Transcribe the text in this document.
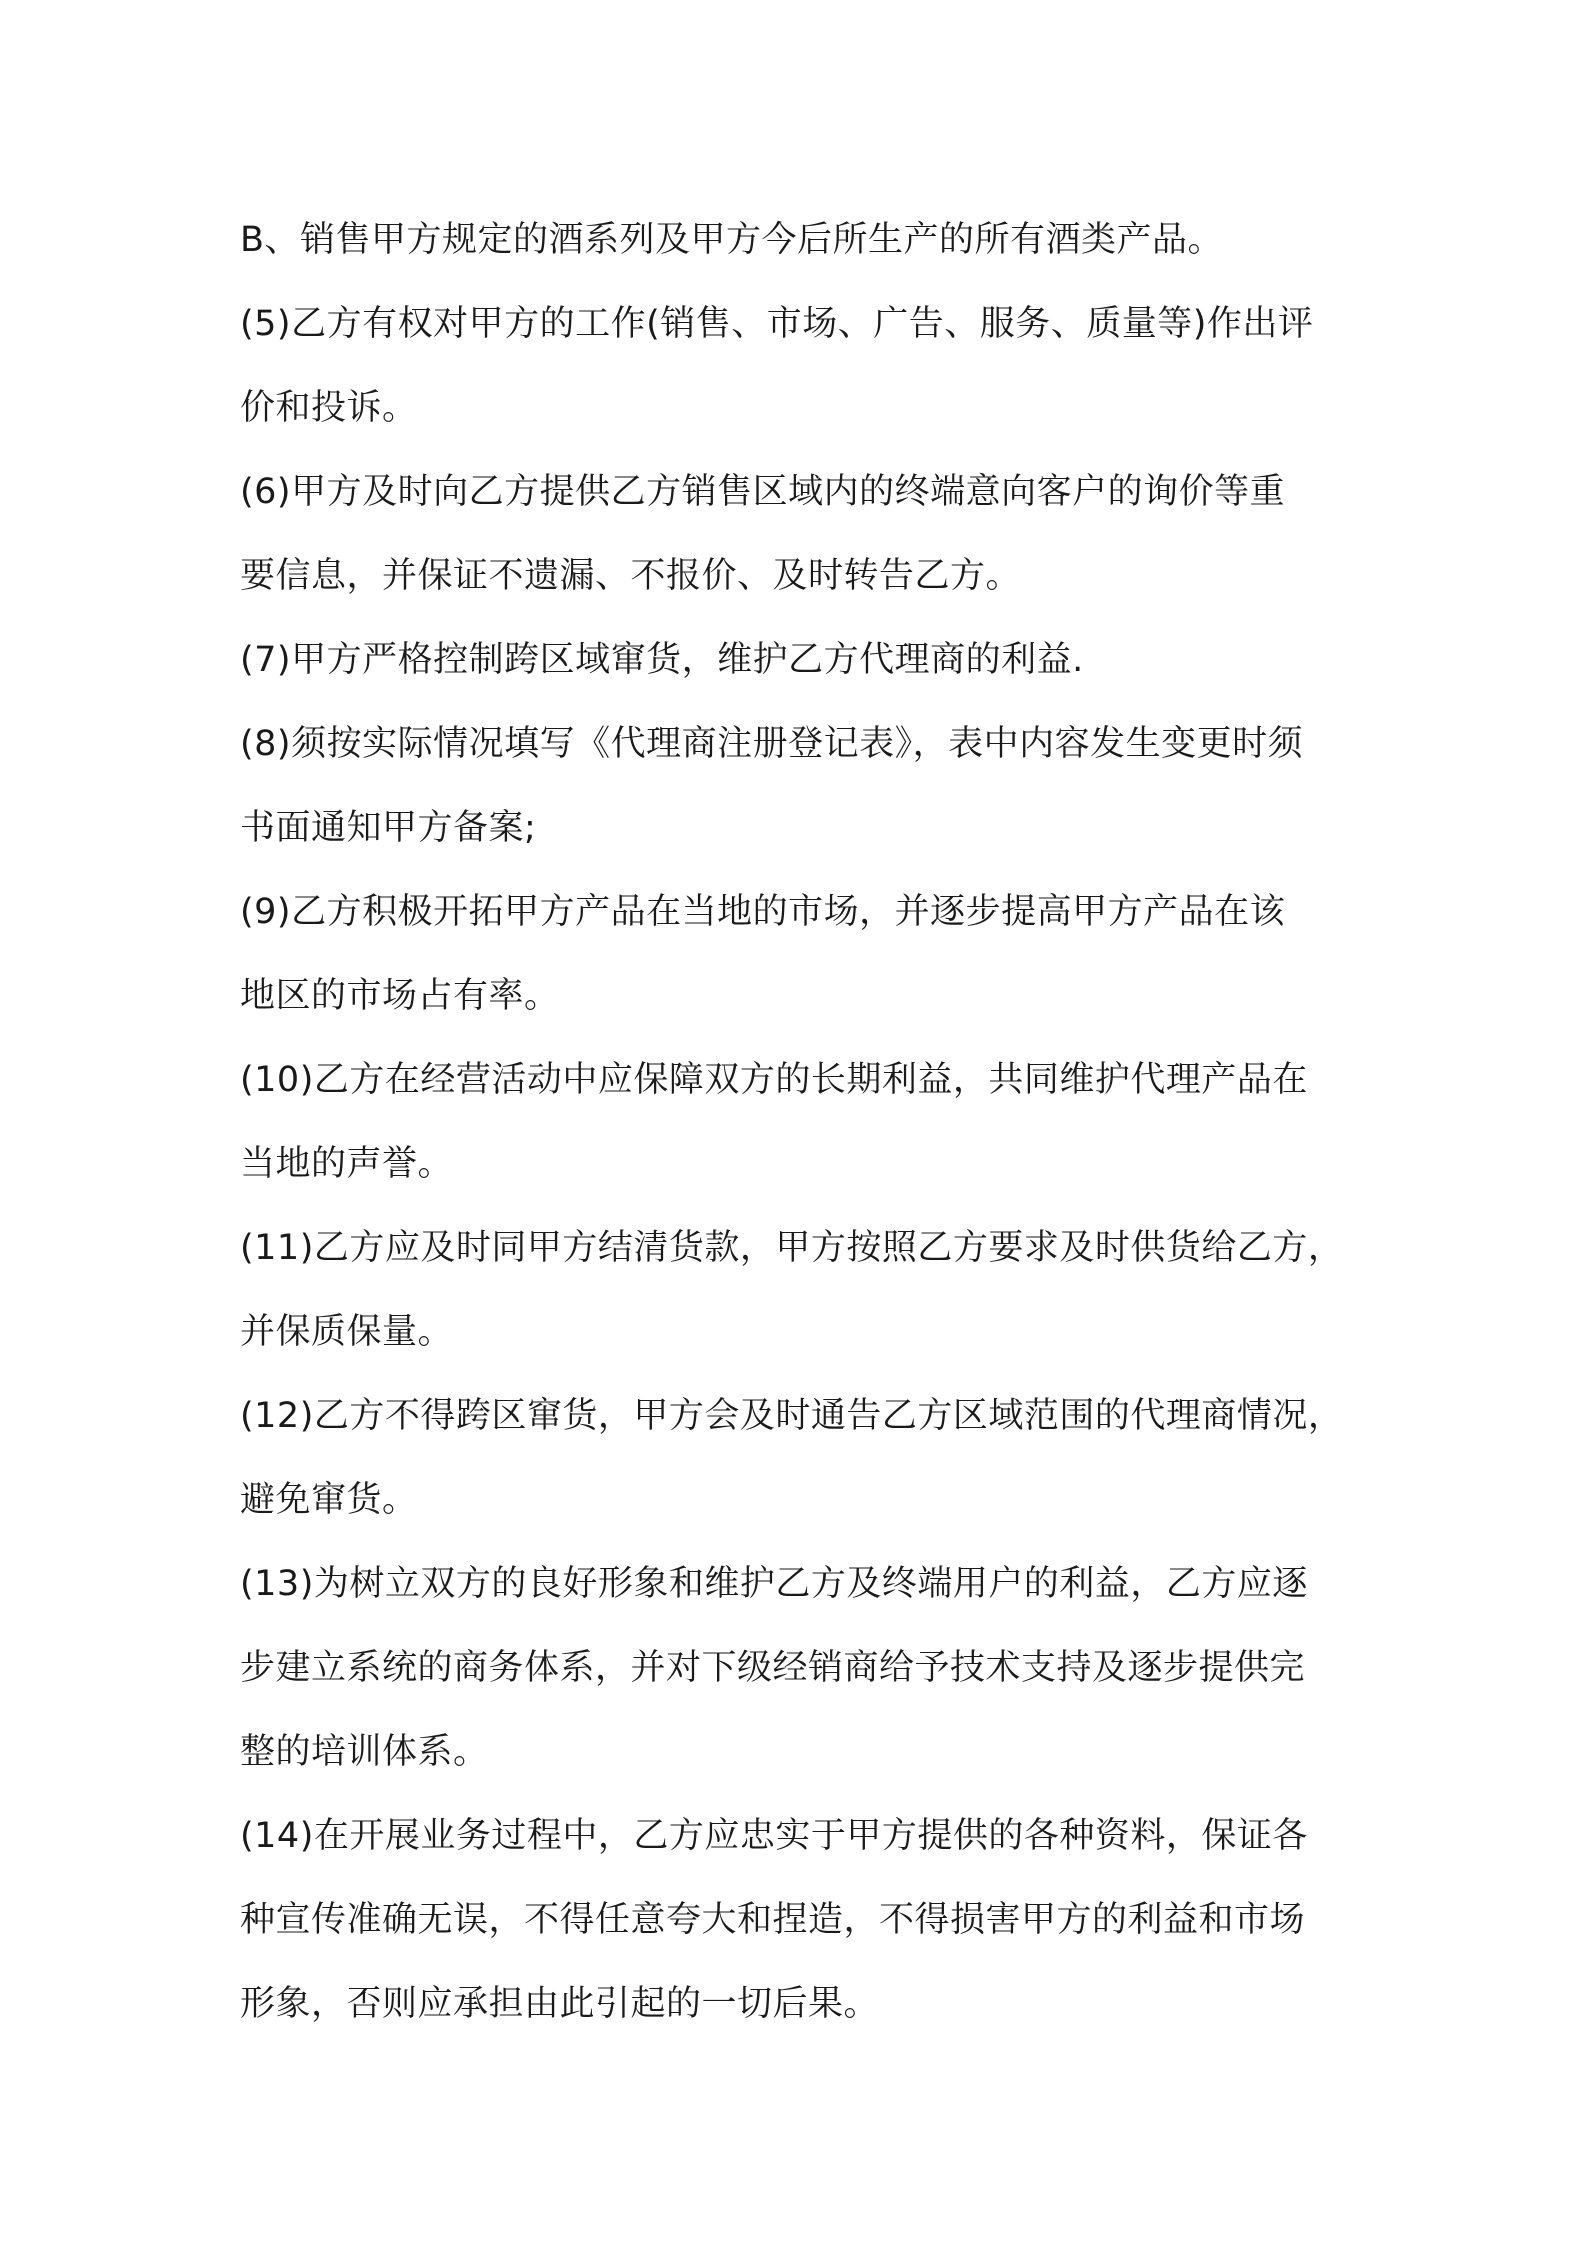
B、销售甲方规定的酒系列及甲方今后所生产的所有酒类产品。

(5)乙方有权对甲方的工作(销售、市场、广告、服务、质量等)作出评

价和投诉。

(6)甲方及时向乙方提供乙方销售区域内的终端意向客户的询价等重

要信息，并保证不遗漏、不报价、及时转告乙方。

(7)甲方严格控制跨区域窜货，维护乙方代理商的利益.

(8)须按实际情况填写《代理商注册登记表》，表中内容发生变更时须

书面通知甲方备案;

(9)乙方积极开拓甲方产品在当地的市场，并逐步提高甲方产品在该

地区的市场占有率。

(10)乙方在经营活动中应保障双方的长期利益，共同维护代理产品在

当地的声誉。

(11)乙方应及时同甲方结清货款，甲方按照乙方要求及时供货给乙方，

并保质保量。

(12)乙方不得跨区窜货，甲方会及时通告乙方区域范围的代理商情况，

避免窜货。

(13)为树立双方的良好形象和维护乙方及终端用户的利益，乙方应逐

步建立系统的商务体系，并对下级经销商给予技术支持及逐步提供完

整的培训体系。

(14)在开展业务过程中，乙方应忠实于甲方提供的各种资料，保证各

种宣传准确无误，不得任意夸大和捏造，不得损害甲方的利益和市场

形象，否则应承担由此引起的一切后果。
